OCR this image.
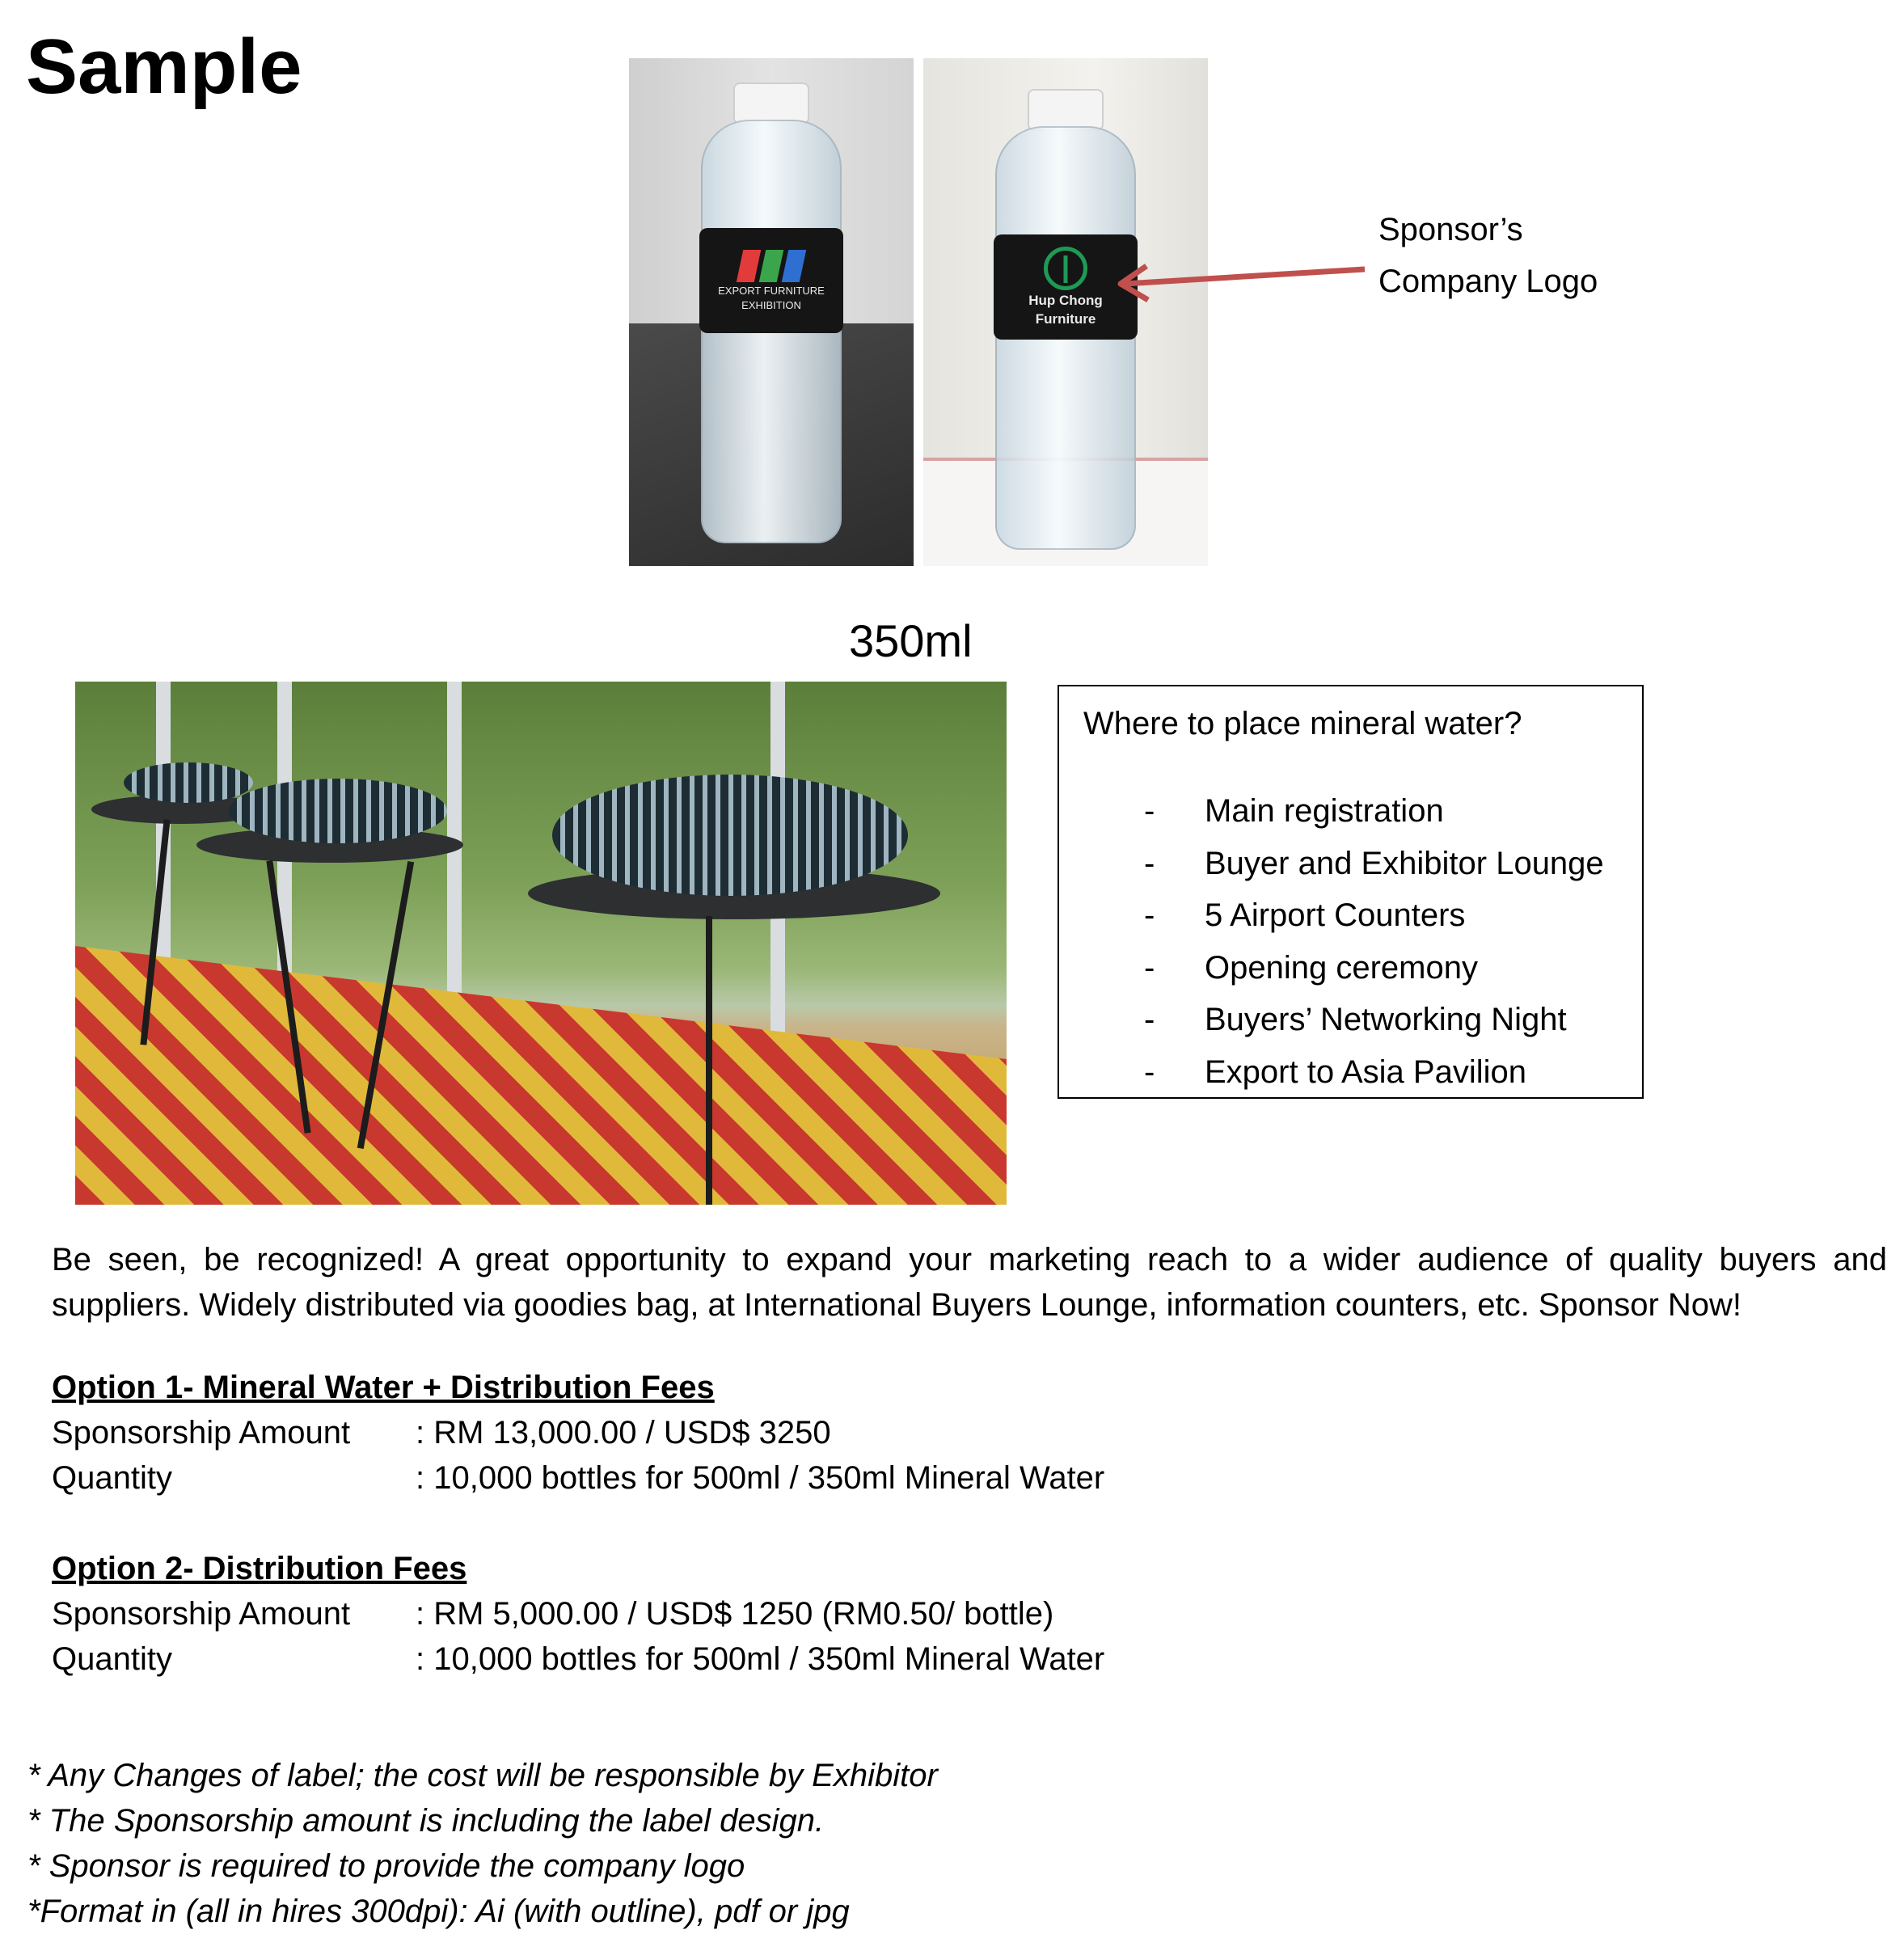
Sample
EXPORT FURNITURE
EXHIBITION	Hup Chong
Furniture
Sponsor’s
Company Logo
350ml
Where to place mineral water?
- Main registration
- Buyer and Exhibitor Lounge
- 5 Airport Counters
- Opening ceremony
- Buyers’ Networking Night
- Export to Asia Pavilion
Be seen, be recognized! A great opportunity to expand your marketing reach to a wider audience of quality buyers and suppliers. Widely distributed via goodies bag, at International Buyers Lounge, information counters, etc. Sponsor Now!
Option 1- Mineral Water + Distribution Fees
Sponsorship Amount : RM 13,000.00 / USD$ 3250
Quantity	: 10,000 bottles for 500ml / 350ml Mineral Water
Option 2- Distribution Fees
Sponsorship Amount : RM 5,000.00 / USD$ 1250 (RM0.50/ bottle)
Quantity	: 10,000 bottles for 500ml / 350ml Mineral Water
* Any Changes of label; the cost will be responsible by Exhibitor
* The Sponsorship amount is including the label design.
* Sponsor is required to provide the company logo
*Format in (all in hires 300dpi): Ai (with outline), pdf or jpg
